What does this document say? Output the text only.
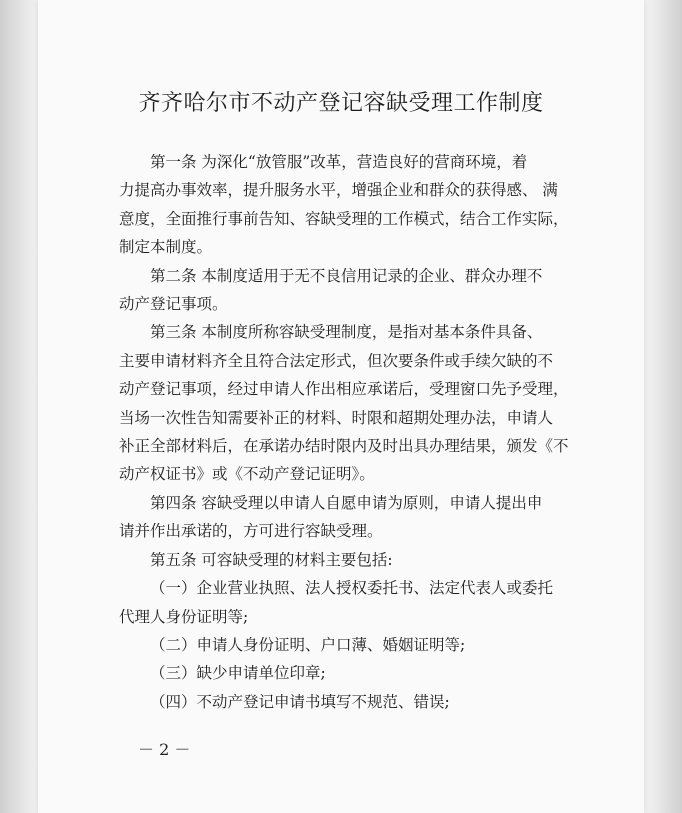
齐齐哈尔市不动产登记容缺受理工作制度
第一条 为深化“放管服”改革，营造良好的营商环境，着
力提高办事效率，提升服务水平，增强企业和群众的获得感、 满
意度，全面推行事前告知、容缺受理的工作模式，结合工作实际，
制定本制度。
第二条 本制度适用于无不良信用记录的企业、群众办理不
动产登记事项。
第三条 本制度所称容缺受理制度，是指对基本条件具备、
主要申请材料齐全且符合法定形式，但次要条件或手续欠缺的不
动产登记事项，经过申请人作出相应承诺后，受理窗口先予受理，
当场一次性告知需要补正的材料、时限和超期处理办法，申请人
补正全部材料后，在承诺办结时限内及时出具办理结果，颁发《不
动产权证书》或《不动产登记证明》。
第四条 容缺受理以申请人自愿申请为原则，申请人提出申
请并作出承诺的，方可进行容缺受理。
第五条 可容缺受理的材料主要包括:
（一）企业营业执照、法人授权委托书、法定代表人或委托
代理人身份证明等;
（二）申请人身份证明、户口薄、婚姻证明等;
（三）缺少申请单位印章;
（四）不动产登记申请书填写不规范、错误;
－ 2 －
